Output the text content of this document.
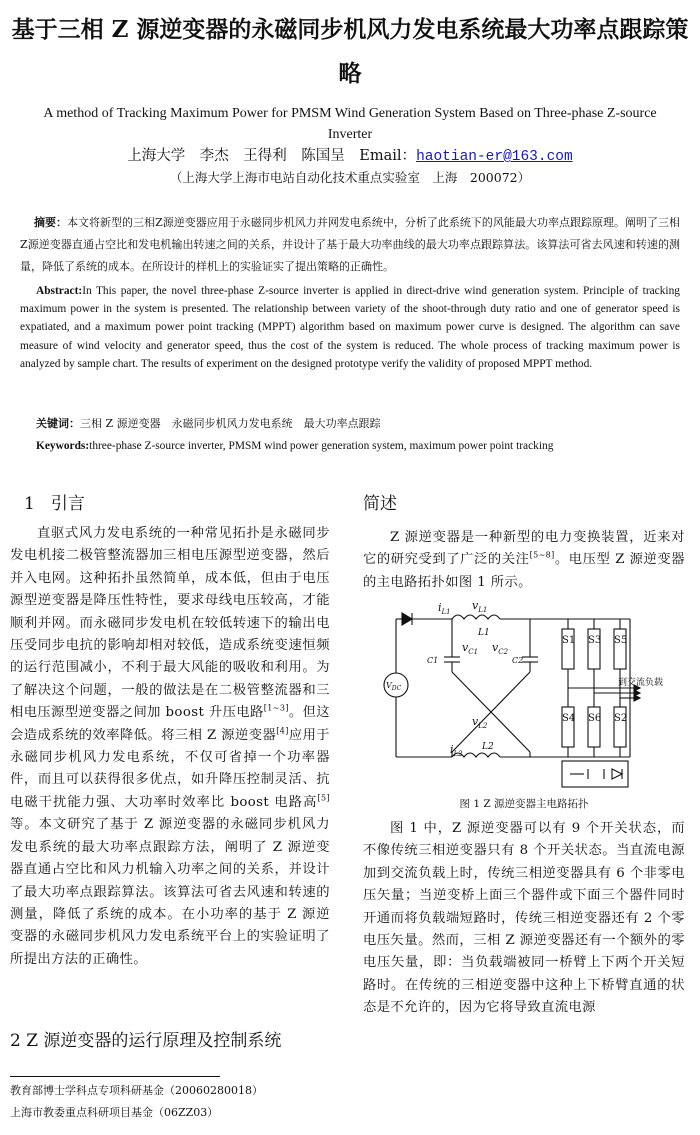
基于三相 Z 源逆变器的永磁同步机风力发电系统最大功率点跟踪策略
A method of Tracking Maximum Power for PMSM Wind Generation System Based on Three-phase Z-source Inverter
上海大学　李杰　王得利　陈国呈　 Email：haotian-er@163.com
（上海大学上海市电站自动化技术重点实验室　上海　200072）
摘要：本文将新型的三相Z源逆变器应用于永磁同步机风力并网发电系统中，分析了此系统下的风能最大功率点跟踪原理。阐明了三相Z源逆变器直通占空比和发电机输出转速之间的关系，并设计了基于最大功率曲线的最大功率点跟踪算法。该算法可省去风速和转速的测量，降低了系统的成本。在所设计的样机上的实验证实了提出策略的正确性。
Abstract:In This paper, the novel three-phase Z-source inverter is applied in direct-drive wind generation system. Principle of tracking maximum power in the system is presented. The relationship between variety of the shoot-through duty ratio and one of generator speed is expatiated, and a maximum power point tracking (MPPT) algorithm based on maximum power curve is designed. The algorithm can save measure of wind velocity and generator speed, thus the cost of the system is reduced. The whole process of tracking maximum power is analyzed by sample chart. The results of experiment on the designed prototype verify the validity of proposed MPPT method.
关键词：三相 Z 源逆变器　永磁同步机风力发电系统　最大功率点跟踪
Keywords:three-phase Z-source inverter, PMSM wind power generation system, maximum power point tracking
1 引言
直驱式风力发电系统的一种常见拓扑是永磁同步发电机接二极管整流器加三相电压源型逆变器，然后并入电网。这种拓扑虽然简单，成本低，但由于电压源型逆变器是降压性特性，要求母线电压较高，才能顺利并网。而永磁同步发电机在较低转速下的输出电压受同步电抗的影响却相对较低，造成系统变速恒频的运行范围减小，不利于最大风能的吸收和利用。为了解决这个问题，一般的做法是在二极管整流器和三相电压源型逆变器之间加 boost 升压电路[1~3]。但这会造成系统的效率降低。将三相 Z 源逆变器[4]应用于永磁同步机风力发电系统，不仅可省掉一个功率器件，而且可以获得很多优点，如升降压控制灵活、抗电磁干扰能力强、大功率时效率比 boost 电路高[5]等。本文研究了基于 Z 源逆变器的永磁同步机风力发电系统的最大功率点跟踪方法，阐明了 Z 源逆变器直通占空比和风力机输入功率之间的关系，并设计了最大功率点跟踪算法。该算法可省去风速和转速的测量，降低了系统的成本。在小功率的基于 Z 源逆变器的永磁同步机风力发电系统平台上的实验证明了所提出方法的正确性。
2 Z 源逆变器的运行原理及控制系统
简述
Z 源逆变器是一种新型的电力变换装置，近来对它的研究受到了广泛的关注[5~8]。电压型 Z 源逆变器的主电路拓扑如图 1 所示。
$i_{L1}$ $v_{L1}$
L1
$v_{C1}$
C1
$v_{C2}$
C2
$v_{L2}$
L2
$i_{L2}$
$V_{DC}$
S1 S3 S5
S4 S6 S2
到交流负载
图 1 Z 源逆变器主电路拓扑
图 1 中，Z 源逆变器可以有 9 个开关状态，而不像传统三相逆变器只有 8 个开关状态。当直流电源加到交流负载上时，传统三相逆变器具有 6 个非零电压矢量；当逆变桥上面三个器件或下面三个器件同时开通而将负载端短路时，传统三相逆变器还有 2 个零电压矢量。然而，三相 Z 源逆变器还有一个额外的零电压矢量，即：当负载端被同一桥臂上下两个开关短路时。在传统的三相逆变器中这种上下桥臂直通的状态是不允许的，因为它将导致直流电源
教育部博士学科点专项科研基金（20060280018）
上海市教委重点科研项目基金（06ZZ03）
